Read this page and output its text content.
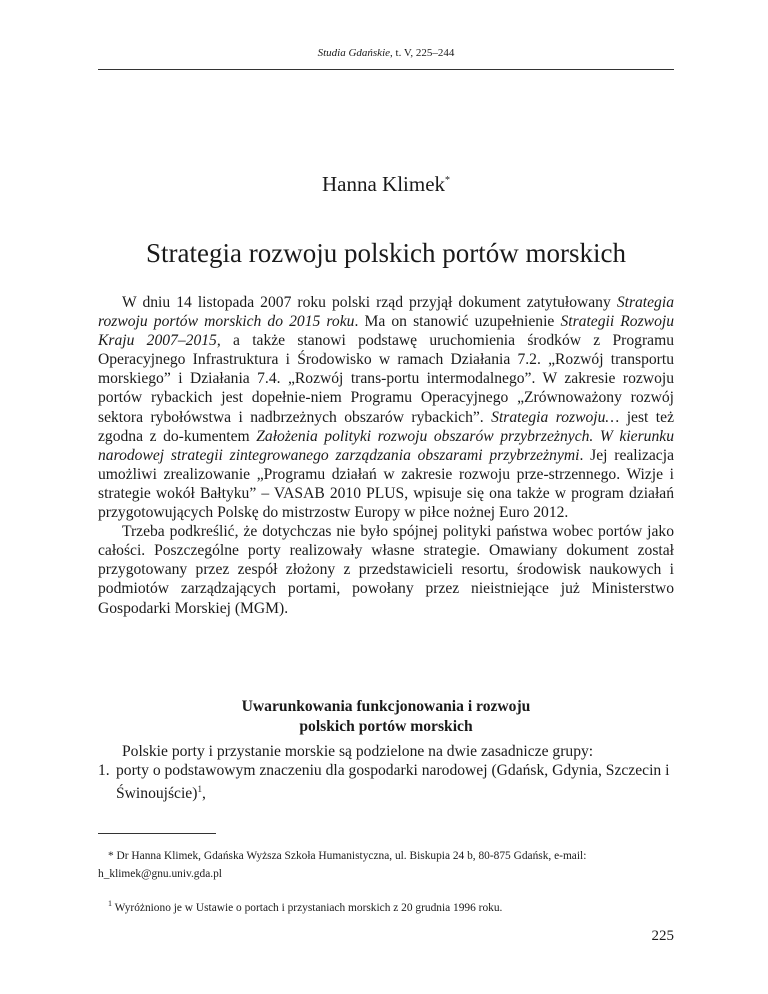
Studia Gdańskie, t. V, 225–244
Hanna Klimek*
Strategia rozwoju polskich portów morskich

W dniu 14 listopada 2007 roku polski rząd przyjął dokument zatytułowany Strategia rozwoju portów morskich do 2015 roku. Ma on stanowić uzupełnienie Strategii Rozwoju Kraju 2007–2015, a także stanowi podstawę uruchomienia środków z Programu Operacyjnego Infrastruktura i Środowisko w ramach Działania 7.2. „Rozwój transportu morskiego” i Działania 7.4. „Rozwój trans-portu intermodalnego”. W zakresie rozwoju portów rybackich jest dopełnie-niem Programu Operacyjnego „Zrównoważony rozwój sektora rybołówstwa i nadbrzeżnych obszarów rybackich”. Strategia rozwoju… jest też zgodna z do-kumentem Założenia polityki rozwoju obszarów przybrzeżnych. W kierunku narodowej strategii zintegrowanego zarządzania obszarami przybrzeżnymi. Jej realizacja umożliwi zrealizowanie „Programu działań w zakresie rozwoju prze-strzennego. Wizje i strategie wokół Bałtyku” – VASAB 2010 PLUS, wpisuje się ona także w program działań przygotowujących Polskę do mistrzostw Europy w piłce nożnej Euro 2012.

Trzeba podkreślić, że dotychczas nie było spójnej polityki państwa wobec portów jako całości. Poszczególne porty realizowały własne strategie. Omawiany dokument został przygotowany przez zespół złożony z przedstawicieli resortu, środowisk naukowych i podmiotów zarządzających portami, powołany przez nieistniejące już Ministerstwo Gospodarki Morskiej (MGM).

Uwarunkowania funkcjonowania i rozwoju
polskich portów morskich

Polskie porty i przystanie morskie są podzielone na dwie zasadnicze grupy:

1. porty o podstawowym znaczeniu dla gospodarki narodowej (Gdańsk, Gdynia, Szczecin i Świnoujście)$^1$,

* Dr Hanna Klimek, Gdańska Wyższa Szkoła Humanistyczna, ul. Biskupia 24 b, 80-875 Gdańsk, e-mail: h_klimek@gnu.univ.gda.pl

$^1$ Wyróżniono je w Ustawie o portach i przystaniach morskich z 20 grudnia 1996 roku.

225
